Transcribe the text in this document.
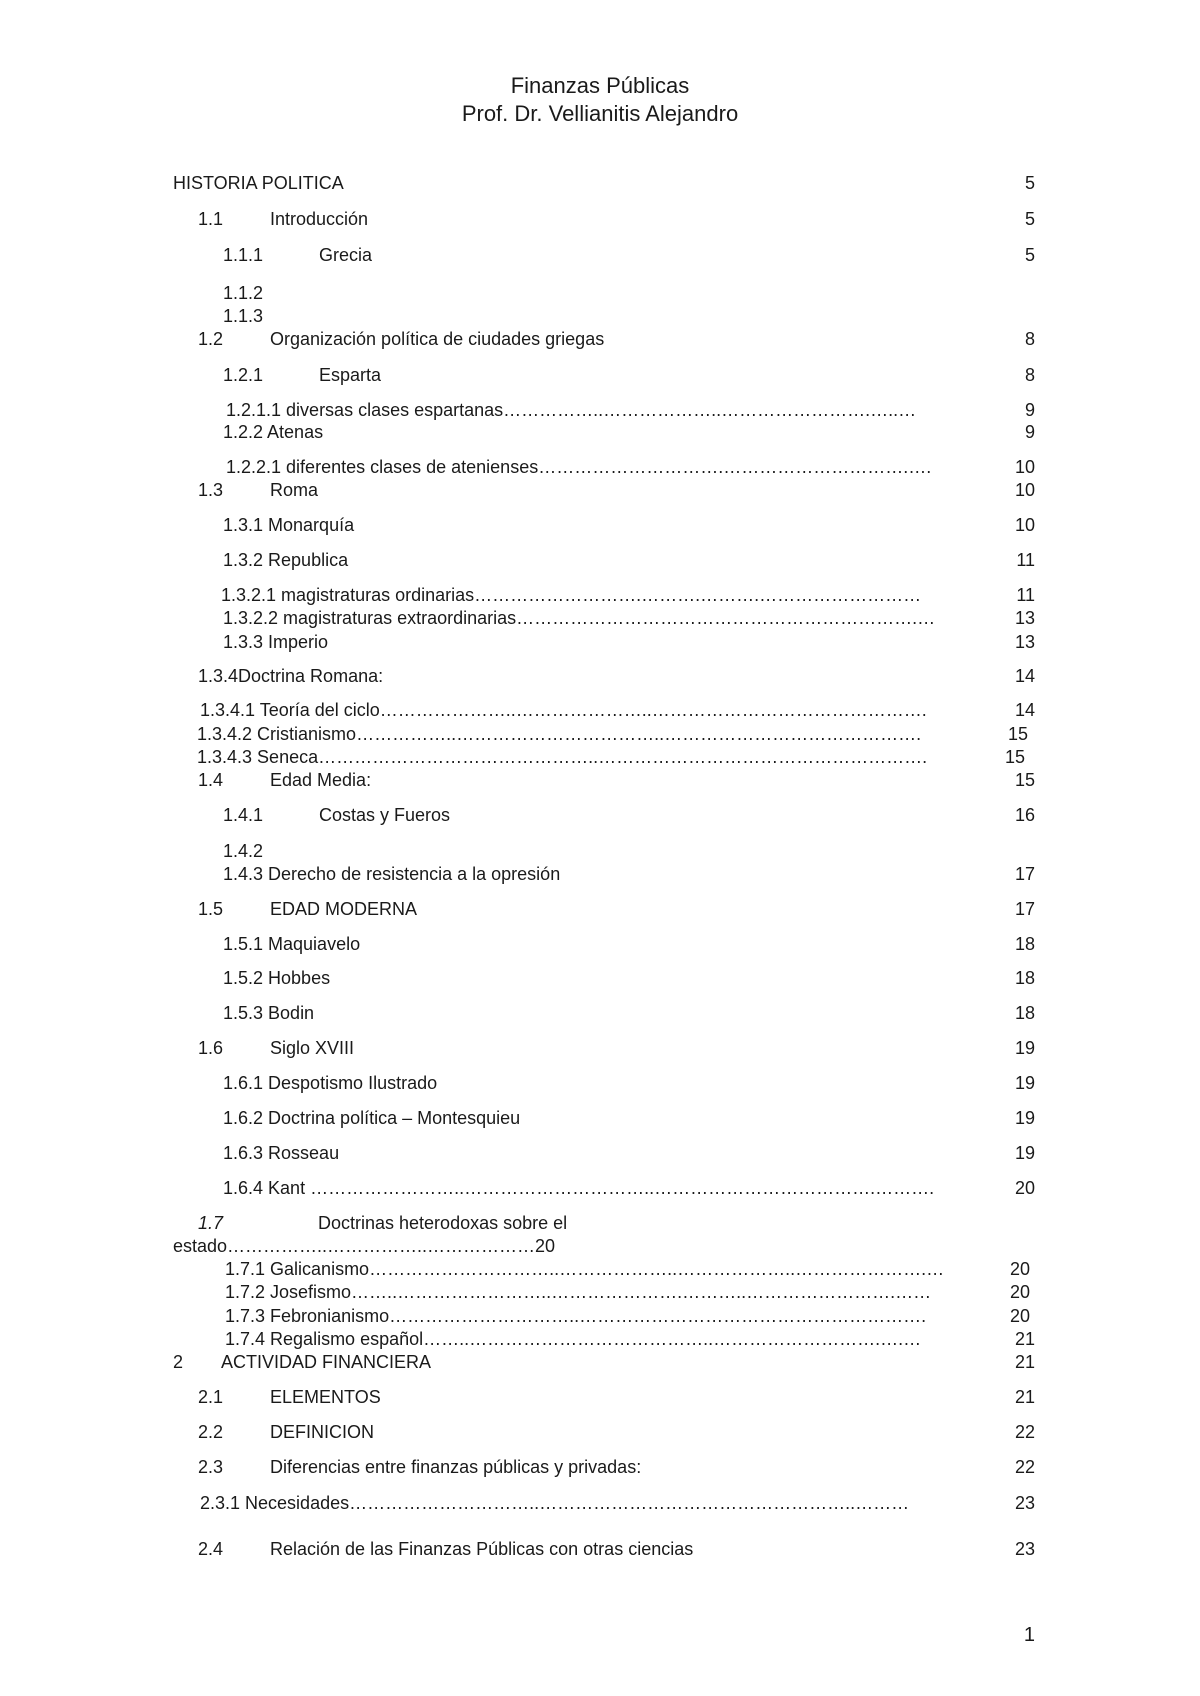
Finanzas Públicas
Prof. Dr. Vellianitis Alejandro
HISTORIA POLITICA	5
1.1	Introducción	5
1.1.1	Grecia	5
1.1.2
1.1.3
1.2	Organización política de ciudades griegas	8
1.2.1	Esparta	8
1.2.1.1 diversas clases espartanas……………..………………..…………………….…..…	9
1.2.2 Atenas	9
1.2.2.1 diferentes clases de atenienses………………………….………………………….….	10
1.3	Roma	10
1.3.1 Monarquía	10
1.3.2 Republica	11
1.3.2.1 magistraturas ordinarias……………………….……….……….………………………	11
1.3.2.2 magistraturas extraordinarias………………………………………………………….…	13
1.3.3 Imperio	13
1.3.4Doctrina Romana:	14
1.3.4.1 Teoría del ciclo…………………..…………………..……………………………………….	14
1.3.4.2 Cristianismo……………..……………………………..…………………………………….	15
1.3.4.3 Seneca………………………………………..……………………………………………….	15
1.4	Edad Media:	15
1.4.1	Costas y Fueros	16
1.4.2
1.4.3 Derecho de resistencia a la opresión	17
1.5	EDAD MODERNA	17
1.5.1 Maquiavelo	18
1.5.2 Hobbes	18
1.5.3 Bodin	18
1.6	Siglo XVIII	19
1.6.1 Despotismo Ilustrado	19
1.6.2 Doctrina política – Montesquieu	19
1.6.3 Rosseau	19
1.6.4 Kant ……………………..…………………………..……………………………….……….	20
1.7	Doctrinas heterodoxas sobre el
estado……………..……………..………………20
1.7.1 Galicanismo…………………………..………………..………………..………………….…	20
1.7.2 Josefismo……..……………………..………………….………..…………………….……	20
1.7.3 Febronianismo…………………………..………………………………………………….	20
1.7.4 Regalismo español……..…………………………………..……………………….….…	21
2 ACTIVIDAD FINANCIERA	21
2.1	ELEMENTOS	21
2.2	DEFINICION	22
2.3	Diferencias entre finanzas públicas y privadas:	22
2.3.1 Necesidades…………………………..……………………………………………..………	23
2.4	Relación de las Finanzas Públicas con otras ciencias	23
1
